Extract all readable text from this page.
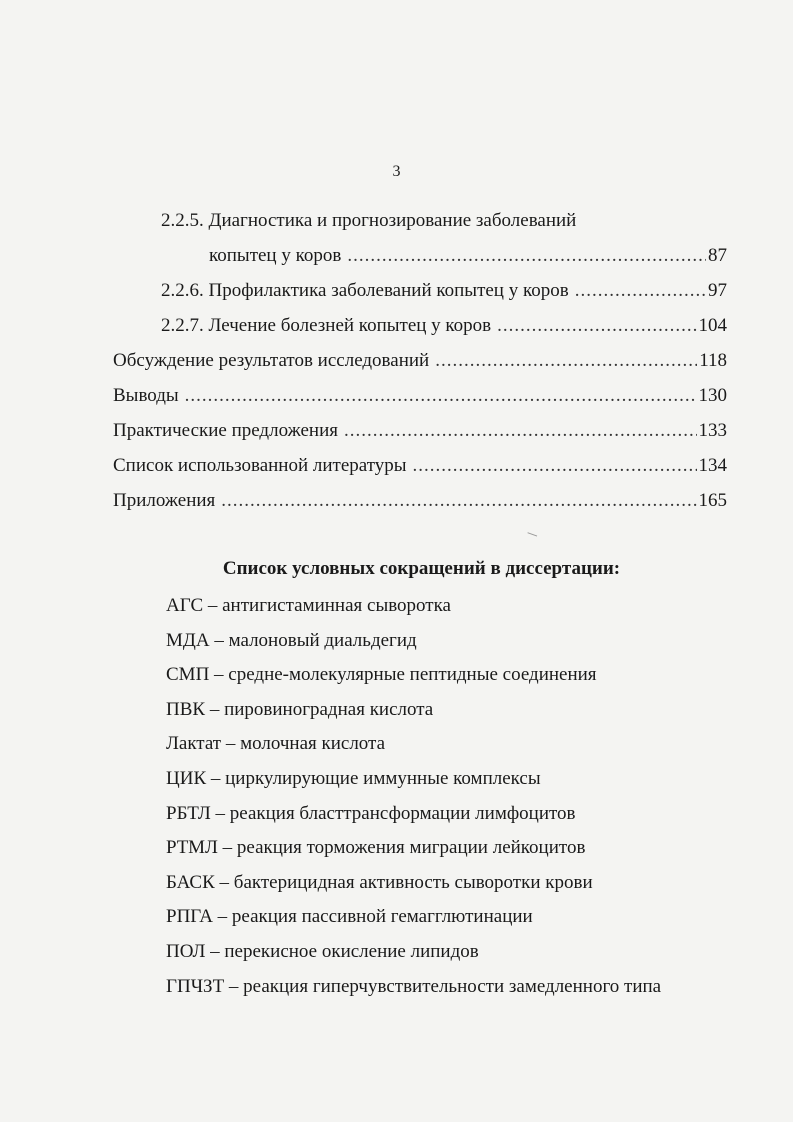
3
2.2.5. Диагностика и прогнозирование заболеваний
копытец у коров .....	87
2.2.6. Профилактика заболеваний копытец у коров .....	97
2.2.7. Лечение болезней копытец у коров .....	104
Обсуждение результатов исследований .....	118
Выводы .....	130
Практические предложения .....	133
Список использованной литературы .....	134
Приложения .....	165
Список условных сокращений в диссертации:
АГС – антигистаминная сыворотка
МДА – малоновый диальдегид
СМП – средне-молекулярные пептидные соединения
ПВК – пировиноградная кислота
Лактат – молочная кислота
ЦИК – циркулирующие иммунные комплексы
РБТЛ – реакция бласттрансформации лимфоцитов
РТМЛ – реакция торможения миграции лейкоцитов
БАСК – бактерицидная активность сыворотки крови
РПГА – реакция пассивной гемагглютинации
ПОЛ – перекисное окисление липидов
ГПЧЗТ – реакция гиперчувствительности замедленного типа
